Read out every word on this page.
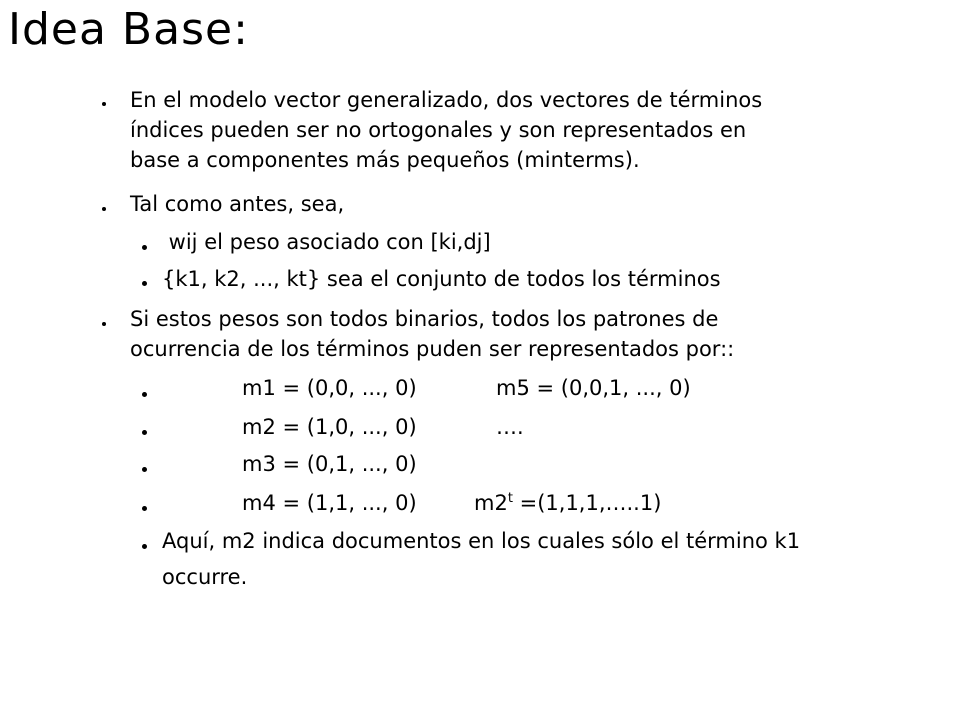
Idea Base:
En el modelo vector generalizado, dos vectores de términos
índices pueden ser no ortogonales y son representados en
base a componentes más pequeños (minterms).
Tal como antes, sea,
wij el peso asociado con [ki,dj]
{k1, k2, ..., kt} sea el conjunto de todos los términos
Si estos pesos son todos binarios, todos los patrones de
ocurrencia de los términos puden ser representados por::
m1 = (0,0, ..., 0)	m5 = (0,0,1, ..., 0)
m2 = (1,0, ..., 0)	….
m3 = (0,1, ..., 0)
m4 = (1,1, ..., 0)	$m2^t$ =(1,1,1,…..1)
Aquí, m2 indica documentos en los cuales sólo el término k1
occurre.
